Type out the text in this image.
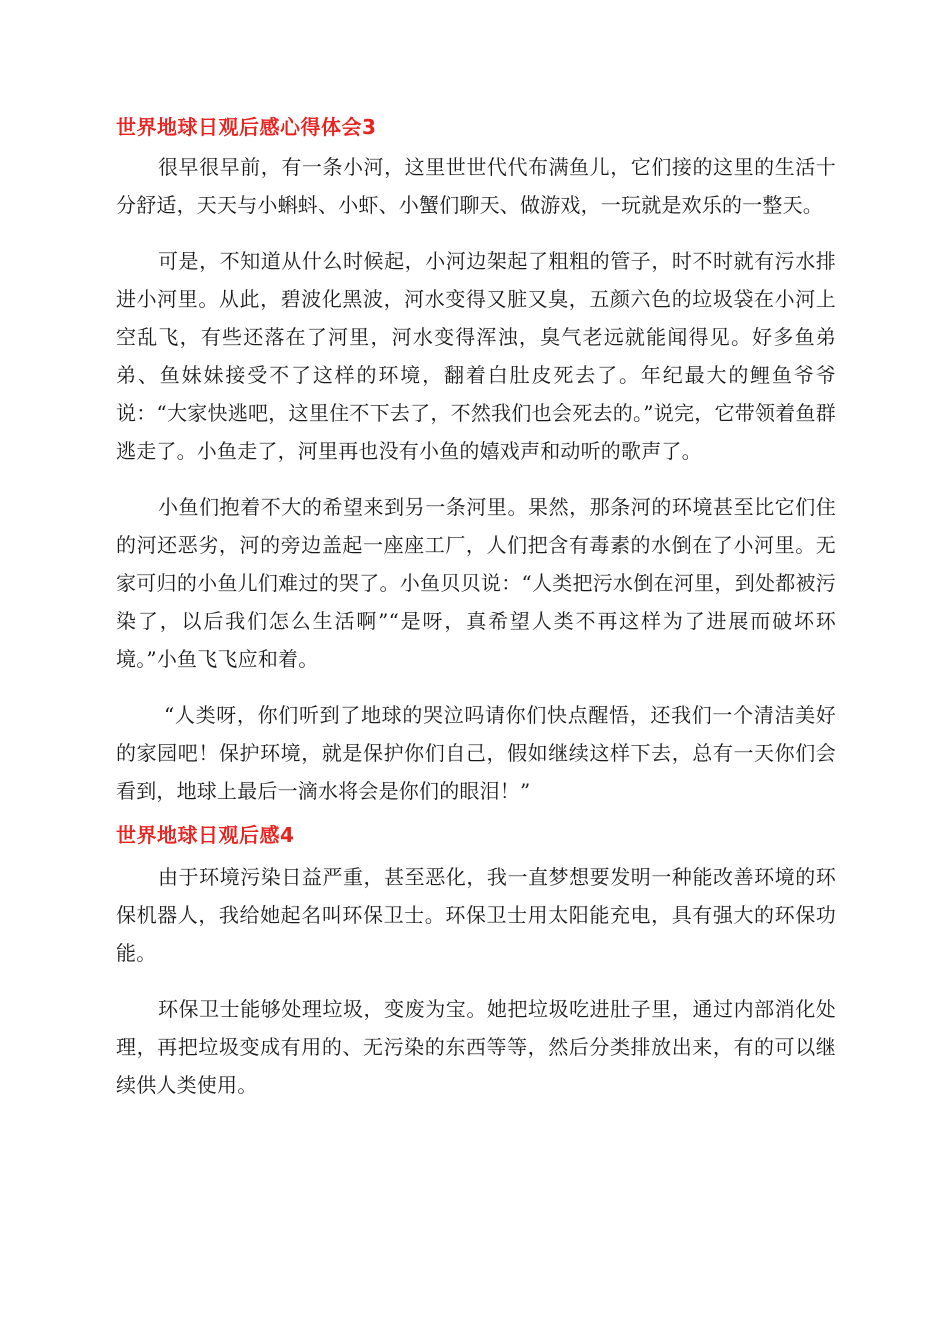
世界地球日观后感心得体会3

很早很早前，有一条小河，这里世世代代布满鱼儿，它们接的这里的生活十分舒适，天天与小蝌蚪、小虾、小蟹们聊天、做游戏，一玩就是欢乐的一整天。

可是，不知道从什么时候起，小河边架起了粗粗的管子，时不时就有污水排进小河里。从此，碧波化黑波，河水变得又脏又臭，五颜六色的垃圾袋在小河上空乱飞，有些还落在了河里，河水变得浑浊，臭气老远就能闻得见。好多鱼弟弟、鱼妹妹接受不了这样的环境，翻着白肚皮死去了。年纪最大的鲤鱼爷爷说：“大家快逃吧，这里住不下去了，不然我们也会死去的。”说完，它带领着鱼群逃走了。小鱼走了，河里再也没有小鱼的嬉戏声和动听的歌声了。

小鱼们抱着不大的希望来到另一条河里。果然，那条河的环境甚至比它们住的河还恶劣，河的旁边盖起一座座工厂，人们把含有毒素的水倒在了小河里。无家可归的小鱼儿们难过的哭了。小鱼贝贝说：“人类把污水倒在河里，到处都被污染了，以后我们怎么生活啊”“是呀，真希望人类不再这样为了进展而破坏环境。”小鱼飞飞应和着。

“人类呀，你们听到了地球的哭泣吗请你们快点醒悟，还我们一个清洁美好的家园吧！保护环境，就是保护你们自己，假如继续这样下去，总有一天你们会看到，地球上最后一滴水将会是你们的眼泪！”

世界地球日观后感4

由于环境污染日益严重，甚至恶化，我一直梦想要发明一种能改善环境的环保机器人，我给她起名叫环保卫士。环保卫士用太阳能充电，具有强大的环保功能。

环保卫士能够处理垃圾，变废为宝。她把垃圾吃进肚子里，通过内部消化处理，再把垃圾变成有用的、无污染的东西等等，然后分类排放出来，有的可以继续供人类使用。
